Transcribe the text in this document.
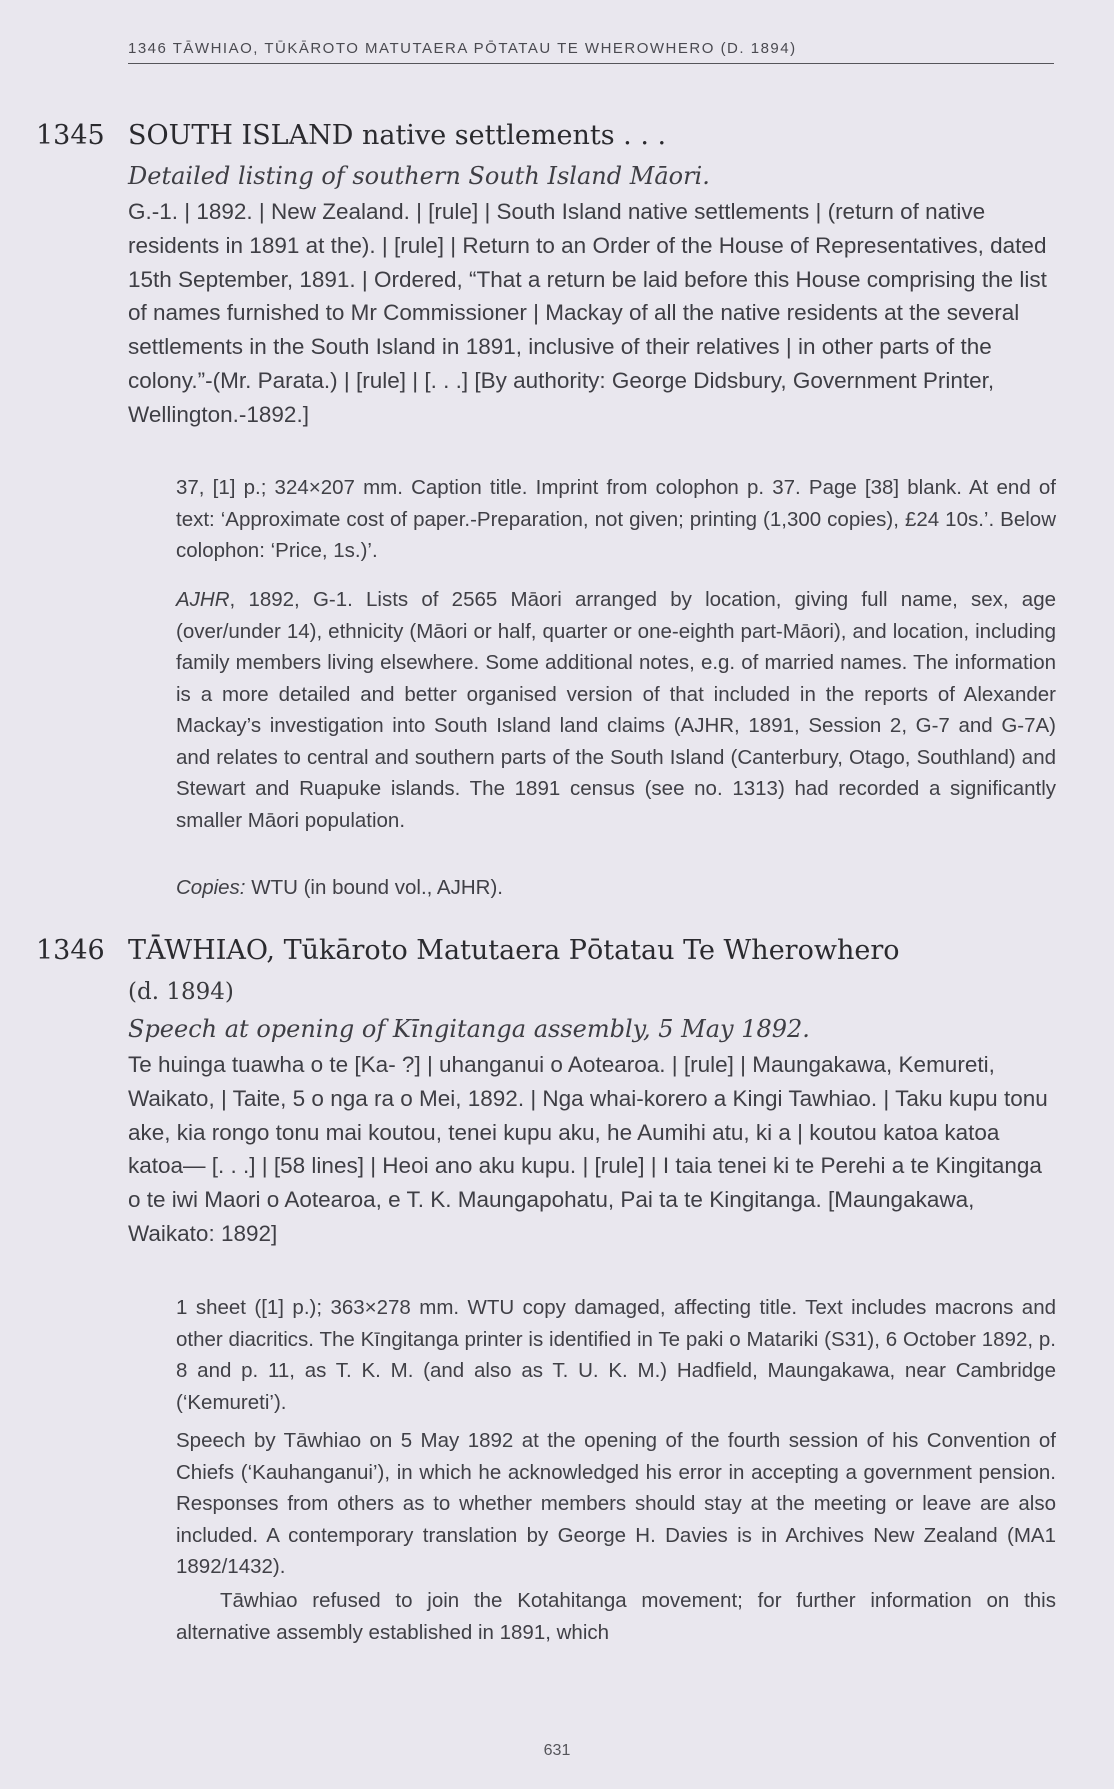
1346 TĀWHIAO, TŪKĀROTO MATUTAERA PŌTATAU TE WHEROWHERO (D. 1894)
1345 SOUTH ISLAND native settlements . . .
Detailed listing of southern South Island Māori.
G.-1. | 1892. | New Zealand. | [rule] | South Island native settlements | (return of native residents in 1891 at the). | [rule] | Return to an Order of the House of Representatives, dated 15th September, 1891. | Ordered, “That a return be laid before this House comprising the list of names furnished to Mr Commissioner | Mackay of all the native residents at the several settlements in the South Island in 1891, inclusive of their relatives | in other parts of the colony.”-(Mr. Parata.) | [rule] | [. . .] [By authority: George Didsbury, Government Printer, Wellington.-1892.]
37, [1] p.; 324×207 mm. Caption title. Imprint from colophon p. 37. Page [38] blank. At end of text: ‘Approximate cost of paper.-Preparation, not given; printing (1,300 copies), £24 10s.’. Below colophon: ‘Price, 1s.)’.
AJHR, 1892, G-1. Lists of 2565 Māori arranged by location, giving full name, sex, age (over/under 14), ethnicity (Māori or half, quarter or one-eighth part-Māori), and location, including family members living elsewhere. Some additional notes, e.g. of married names. The information is a more detailed and better organised version of that included in the reports of Alexander Mackay’s investigation into South Island land claims (AJHR, 1891, Session 2, G-7 and G-7A) and relates to central and southern parts of the South Island (Canterbury, Otago, Southland) and Stewart and Ruapuke islands. The 1891 census (see no. 1313) had recorded a significantly smaller Māori population.
Copies: WTU (in bound vol., AJHR).
1346 TĀWHIAO, Tūkāroto Matutaera Pōtatau Te Wherowhero
(d. 1894)
Speech at opening of Kīngitanga assembly, 5 May 1892.
Te huinga tuawha o te [Ka- ?] | uhanganui o Aotearoa. | [rule] | Maungakawa, Kemureti, Waikato, | Taite, 5 o nga ra o Mei, 1892. | Nga whai-korero a Kingi Tawhiao. | Taku kupu tonu ake, kia rongo tonu mai koutou, tenei kupu aku, he Aumihi atu, ki a | koutou katoa katoa katoa— [. . .] | [58 lines] | Heoi ano aku kupu. | [rule] | I taia tenei ki te Perehi a te Kingitanga o te iwi Maori o Aotearoa, e T. K. Maungapohatu, Pai ta te Kingitanga. [Maungakawa, Waikato: 1892]
1 sheet ([1] p.); 363×278 mm. WTU copy damaged, affecting title. Text includes macrons and other diacritics. The Kīngitanga printer is identified in Te paki o Matariki (S31), 6 October 1892, p. 8 and p. 11, as T. K. M. (and also as T. U. K. M.) Hadfield, Maungakawa, near Cambridge (‘Kemureti’).
Speech by Tāwhiao on 5 May 1892 at the opening of the fourth session of his Convention of Chiefs (‘Kauhanganui’), in which he acknowledged his error in accepting a government pension. Responses from others as to whether members should stay at the meeting or leave are also included. A contemporary translation by George H. Davies is in Archives New Zealand (MA1 1892/1432).
Tāwhiao refused to join the Kotahitanga movement; for further information on this alternative assembly established in 1891, which
631
